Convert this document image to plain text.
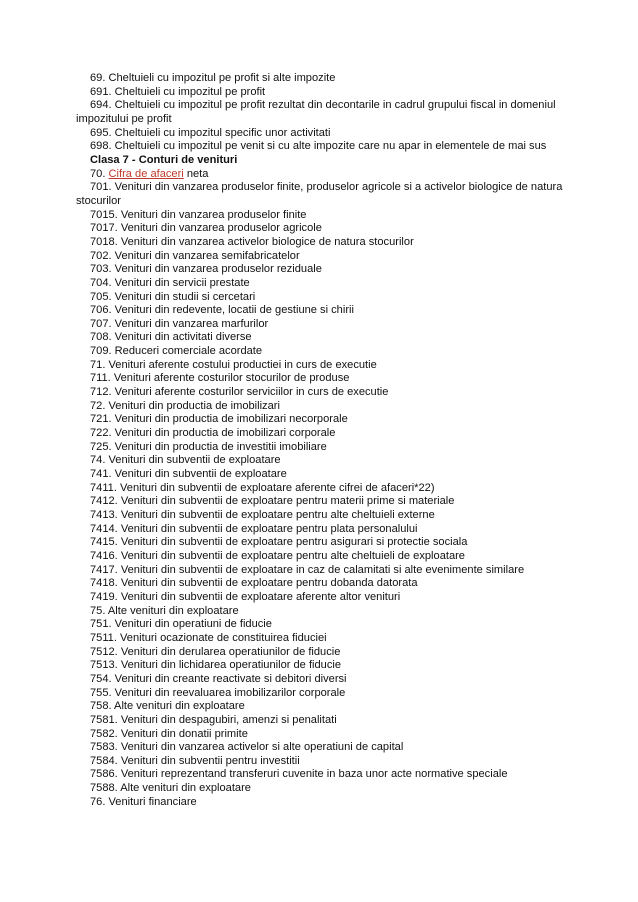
69. Cheltuieli cu impozitul pe profit si alte impozite
691. Cheltuieli cu impozitul pe profit
694. Cheltuieli cu impozitul pe profit rezultat din decontarile in cadrul grupului fiscal in domeniul impozitului pe profit
695. Cheltuieli cu impozitul specific unor activitati
698. Cheltuieli cu impozitul pe venit si cu alte impozite care nu apar in elementele de mai sus
Clasa 7 - Conturi de venituri
70. Cifra de afaceri neta
701. Venituri din vanzarea produselor finite, produselor agricole si a activelor biologice de natura stocurilor
7015. Venituri din vanzarea produselor finite
7017. Venituri din vanzarea produselor agricole
7018. Venituri din vanzarea activelor biologice de natura stocurilor
702. Venituri din vanzarea semifabricatelor
703. Venituri din vanzarea produselor reziduale
704. Venituri din servicii prestate
705. Venituri din studii si cercetari
706. Venituri din redevente, locatii de gestiune si chirii
707. Venituri din vanzarea marfurilor
708. Venituri din activitati diverse
709. Reduceri comerciale acordate
71. Venituri aferente costului productiei in curs de executie
711. Venituri aferente costurilor stocurilor de produse
712. Venituri aferente costurilor serviciilor in curs de executie
72. Venituri din productia de imobilizari
721. Venituri din productia de imobilizari necorporale
722. Venituri din productia de imobilizari corporale
725. Venituri din productia de investitii imobiliare
74. Venituri din subventii de exploatare
741. Venituri din subventii de exploatare
7411. Venituri din subventii de exploatare aferente cifrei de afaceri*22)
7412. Venituri din subventii de exploatare pentru materii prime si materiale
7413. Venituri din subventii de exploatare pentru alte cheltuieli externe
7414. Venituri din subventii de exploatare pentru plata personalului
7415. Venituri din subventii de exploatare pentru asigurari si protectie sociala
7416. Venituri din subventii de exploatare pentru alte cheltuieli de exploatare
7417. Venituri din subventii de exploatare in caz de calamitati si alte evenimente similare
7418. Venituri din subventii de exploatare pentru dobanda datorata
7419. Venituri din subventii de exploatare aferente altor venituri
75. Alte venituri din exploatare
751. Venituri din operatiuni de fiducie
7511. Venituri ocazionate de constituirea fiduciei
7512. Venituri din derularea operatiunilor de fiducie
7513. Venituri din lichidarea operatiunilor de fiducie
754. Venituri din creante reactivate si debitori diversi
755. Venituri din reevaluarea imobilizarilor corporale
758. Alte venituri din exploatare
7581. Venituri din despagubiri, amenzi si penalitati
7582. Venituri din donatii primite
7583. Venituri din vanzarea activelor si alte operatiuni de capital
7584. Venituri din subventii pentru investitii
7586. Venituri reprezentand transferuri cuvenite in baza unor acte normative speciale
7588. Alte venituri din exploatare
76. Venituri financiare
